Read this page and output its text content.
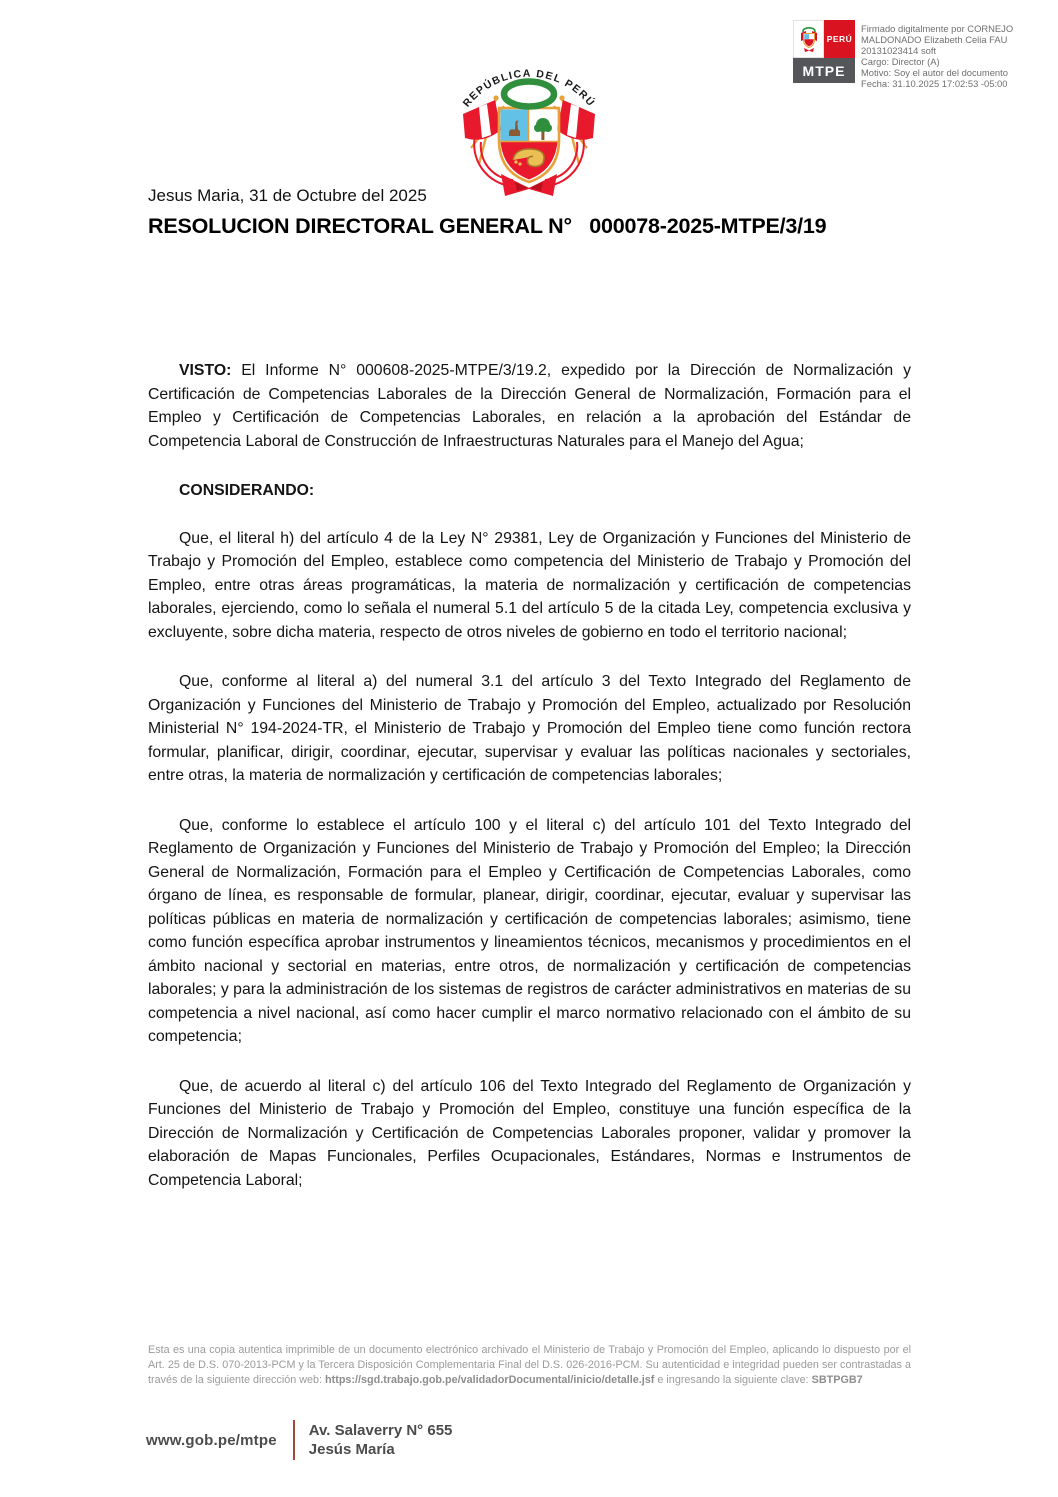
PERÚ
MTPE
Firmado digitalmente por CORNEJO
MALDONADO Elizabeth Celia FAU
20131023414 soft
Cargo: Director (A)
Motivo: Soy el autor del documento
Fecha: 31.10.2025 17:02:53 -05:00
REPÚBLICA DEL PERÚ
Jesus Maria, 31 de Octubre del 2025
RESOLUCION DIRECTORAL GENERAL N°   000078-2025-MTPE/3/19

VISTO: El Informe N° 000608-2025-MTPE/3/19.2, expedido por la Dirección de Normalización y Certificación de Competencias Laborales de la Dirección General de Normalización, Formación para el Empleo y Certificación de Competencias Laborales, en relación a la aprobación del Estándar de Competencia Laboral de Construcción de Infraestructuras Naturales para el Manejo del Agua;

CONSIDERANDO:

Que, el literal h) del artículo 4 de la Ley N° 29381, Ley de Organización y Funciones del Ministerio de Trabajo y Promoción del Empleo, establece como competencia del Ministerio de Trabajo y Promoción del Empleo, entre otras áreas programáticas, la materia de normalización y certificación de competencias laborales, ejerciendo, como lo señala el numeral 5.1 del artículo 5 de la citada Ley, competencia exclusiva y excluyente, sobre dicha materia, respecto de otros niveles de gobierno en todo el territorio nacional;

Que, conforme al literal a) del numeral 3.1 del artículo 3 del Texto Integrado del Reglamento de Organización y Funciones del Ministerio de Trabajo y Promoción del Empleo, actualizado por Resolución Ministerial N° 194-2024-TR, el Ministerio de Trabajo y Promoción del Empleo tiene como función rectora formular, planificar, dirigir, coordinar, ejecutar, supervisar y evaluar las políticas nacionales y sectoriales, entre otras, la materia de normalización y certificación de competencias laborales;

Que, conforme lo establece el artículo 100 y el literal c) del artículo 101 del Texto Integrado del Reglamento de Organización y Funciones del Ministerio de Trabajo y Promoción del Empleo; la Dirección General de Normalización, Formación para el Empleo y Certificación de Competencias Laborales, como órgano de línea, es responsable de formular, planear, dirigir, coordinar, ejecutar, evaluar y supervisar las políticas públicas en materia de normalización y certificación de competencias laborales; asimismo, tiene como función específica aprobar instrumentos y lineamientos técnicos, mecanismos y procedimientos en el ámbito nacional y sectorial en materias, entre otros, de normalización y certificación de competencias laborales; y para la administración de los sistemas de registros de carácter administrativos en materias de su competencia a nivel nacional, así como hacer cumplir el marco normativo relacionado con el ámbito de su competencia;

Que, de acuerdo al literal c) del artículo 106 del Texto Integrado del Reglamento de Organización y Funciones del Ministerio de Trabajo y Promoción del Empleo, constituye una función específica de la Dirección de Normalización y Certificación de Competencias Laborales proponer, validar y promover la elaboración de Mapas Funcionales, Perfiles Ocupacionales, Estándares, Normas e Instrumentos de Competencia Laboral;

Esta es una copia autentica imprimible de un documento electrónico archivado el Ministerio de Trabajo y Promoción del Empleo, aplicando lo dispuesto por el Art. 25 de D.S. 070-2013-PCM y la Tercera Disposición Complementaria Final del D.S. 026-2016-PCM. Su autenticidad e integridad pueden ser contrastadas a través de la siguiente dirección web: https://sgd.trabajo.gob.pe/validadorDocumental/inicio/detalle.jsf e ingresando la siguiente clave: SBTPGB7
www.gob.pe/mtpe
Av. Salaverry N° 655
Jesús María
